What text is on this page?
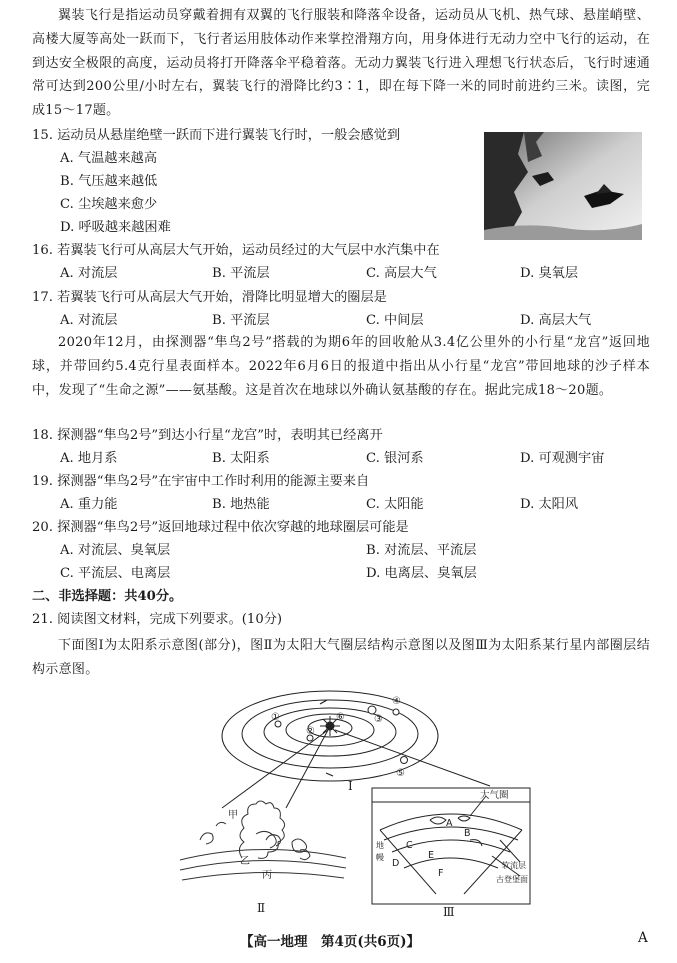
翼装飞行是指运动员穿戴着拥有双翼的飞行服装和降落伞设备，运动员从飞机、热气球、悬崖峭壁、高楼大厦等高处一跃而下，飞行者运用肢体动作来掌控滑翔方向，用身体进行无动力空中飞行的运动，在到达安全极限的高度，运动员将打开降落伞平稳着落。无动力翼装飞行进入理想飞行状态后，飞行时速通常可达到200公里/小时左右，翼装飞行的滑降比约3∶1，即在每下降一米的同时前进约三米。读图，完成15～17题。
15. 运动员从悬崖绝壁一跃而下进行翼装飞行时，一般会感觉到
A. 气温越来越高
B. 气压越来越低
C. 尘埃越来愈少
D. 呼吸越来越困难
16. 若翼装飞行可从高层大气开始，运动员经过的大气层中水汽集中在
A. 对流层	B. 平流层	C. 高层大气	D. 臭氧层
17. 若翼装飞行可从高层大气开始，滑降比明显增大的圈层是
A. 对流层	B. 平流层	C. 中间层	D. 高层大气
2020年12月，由探测器“隼鸟2号”搭载的为期6年的回收舱从3.4亿公里外的小行星“龙宫”返回地球，并带回约5.4克行星表面样本。2022年6月6日的报道中指出从小行星“龙宫”带回地球的沙子样本中，发现了“生命之源”——氨基酸。这是首次在地球以外确认氨基酸的存在。据此完成18～20题。
18. 探测器“隼鸟2号”到达小行星“龙宫”时，表明其已经离开
A. 地月系	B. 太阳系	C. 银河系	D. 可观测宇宙
19. 探测器“隼鸟2号”在宇宙中工作时利用的能源主要来自
A. 重力能	B. 地热能	C. 太阳能	D. 太阳风
20. 探测器“隼鸟2号”返回地球过程中依次穿越的地球圈层可能是
A. 对流层、臭氧层	B. 对流层、平流层
C. 平流层、电离层	D. 电离层、臭氧层
二、非选择题：共40分。
21. 阅读图文材料，完成下列要求。(10分)
下面图Ⅰ为太阳系示意图(部分)，图Ⅱ为太阳大气圈层结构示意图以及图Ⅲ为太阳系某行星内部圈层结构示意图。
①
②
③
④
⑤
⑥
Ⅰ
甲
乙
丙
Ⅱ
大气圈
A
B
C
D
E
F
软流层
古登堡面
地
幔
Ⅲ
【高一地理　第4页(共6页)】	A
